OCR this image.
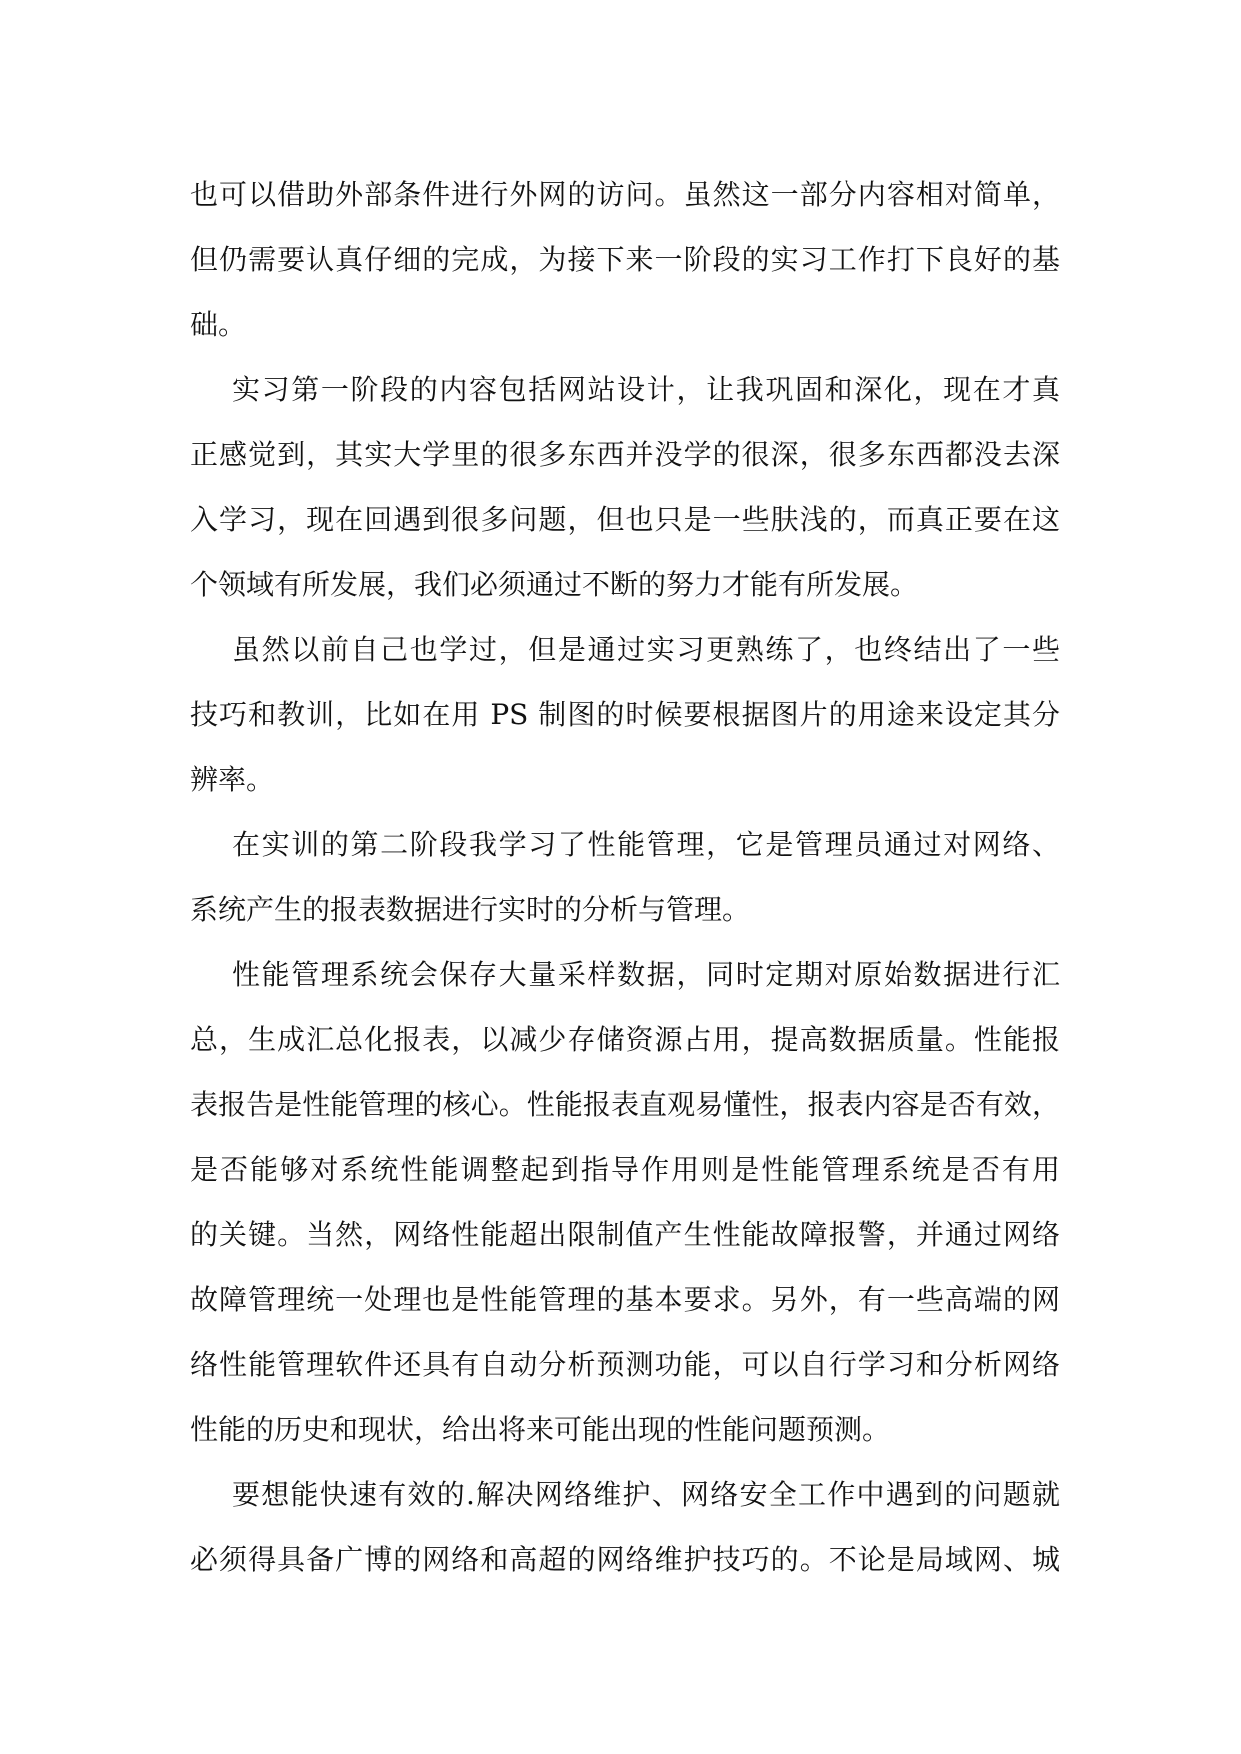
也可以借助外部条件进行外网的访问。虽然这一部分内容相对简单，
但仍需要认真仔细的完成，为接下来一阶段的实习工作打下良好的基
础。
实习第一阶段的内容包括网站设计，让我巩固和深化，现在才真
正感觉到，其实大学里的很多东西并没学的很深，很多东西都没去深
入学习，现在回遇到很多问题，但也只是一些肤浅的，而真正要在这
个领域有所发展，我们必须通过不断的努力才能有所发展。
虽然以前自己也学过，但是通过实习更熟练了，也终结出了一些
技巧和教训，比如在用 PS 制图的时候要根据图片的用途来设定其分
辨率。
在实训的第二阶段我学习了性能管理，它是管理员通过对网络、
系统产生的报表数据进行实时的分析与管理。
性能管理系统会保存大量采样数据，同时定期对原始数据进行汇
总，生成汇总化报表，以减少存储资源占用，提高数据质量。性能报
表报告是性能管理的核心。性能报表直观易懂性，报表内容是否有效，
是否能够对系统性能调整起到指导作用则是性能管理系统是否有用
的关键。当然，网络性能超出限制值产生性能故障报警，并通过网络
故障管理统一处理也是性能管理的基本要求。另外，有一些高端的网
络性能管理软件还具有自动分析预测功能，可以自行学习和分析网络
性能的历史和现状，给出将来可能出现的性能问题预测。
要想能快速有效的.解决网络维护、网络安全工作中遇到的问题就
必须得具备广博的网络和高超的网络维护技巧的。不论是局域网、城
